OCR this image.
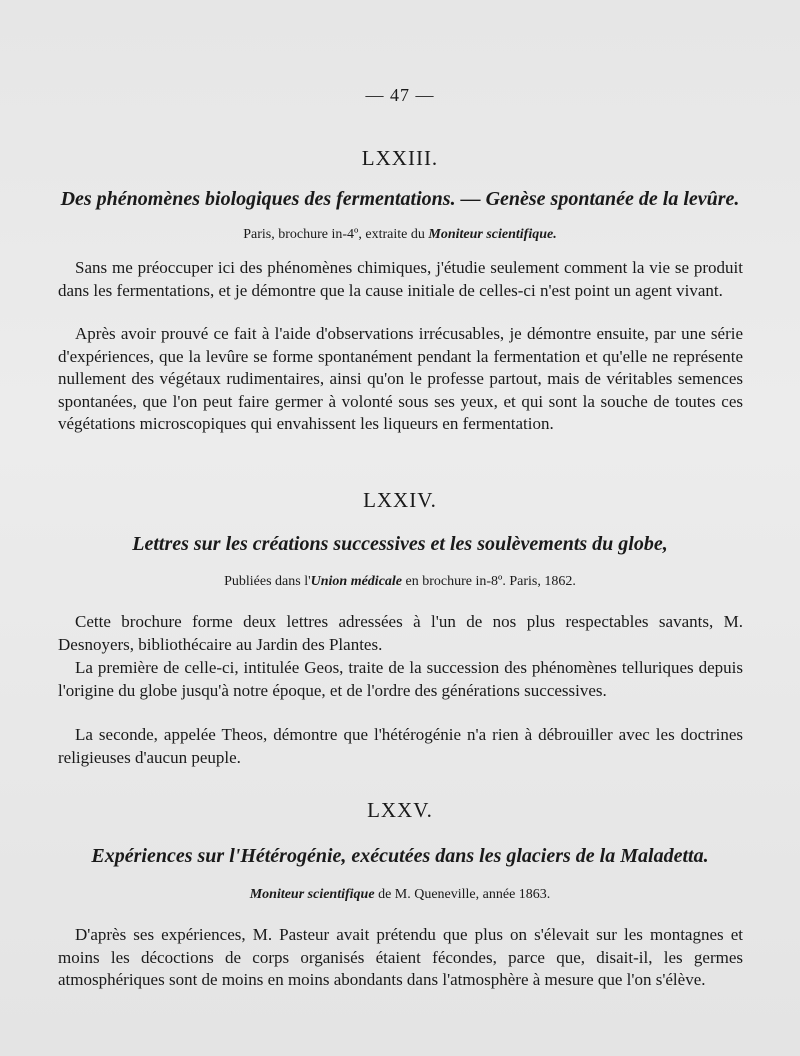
— 47 —
LXXIII.
Des phénomènes biologiques des fermentations. — Genèse spontanée de la levûre.
Paris, brochure in-4º, extraite du Moniteur scientifique.

Sans me préoccuper ici des phénomènes chimiques, j'étudie seulement comment la vie se produit dans les fermentations, et je démontre que la cause initiale de celles-ci n'est point un agent vivant.

Après avoir prouvé ce fait à l'aide d'observations irrécusables, je démontre ensuite, par une série d'expériences, que la levûre se forme spontanément pendant la fermentation et qu'elle ne représente nullement des végétaux rudimentaires, ainsi qu'on le professe partout, mais de véritables semences spontanées, que l'on peut faire germer à volonté sous ses yeux, et qui sont la souche de toutes ces végétations microscopiques qui envahissent les liqueurs en fermentation.

LXXIV.
Lettres sur les créations successives et les soulèvements du globe,
Publiées dans l'Union médicale en brochure in-8º. Paris, 1862.

Cette brochure forme deux lettres adressées à l'un de nos plus respectables savants, M. Desnoyers, bibliothécaire au Jardin des Plantes.

La première de celle-ci, intitulée Geos, traite de la succession des phénomènes telluriques depuis l'origine du globe jusqu'à notre époque, et de l'ordre des générations successives.

La seconde, appelée Theos, démontre que l'hétérogénie n'a rien à débrouiller avec les doctrines religieuses d'aucun peuple.

LXXV.
Expériences sur l'Hétérogénie, exécutées dans les glaciers de la Maladetta.
Moniteur scientifique de M. Queneville, année 1863.

D'après ses expériences, M. Pasteur avait prétendu que plus on s'élevait sur les montagnes et moins les décoctions de corps organisés étaient fécondes, parce que, disait-il, les germes atmosphériques sont de moins en moins abondants dans l'atmosphère à mesure que l'on s'élève.
